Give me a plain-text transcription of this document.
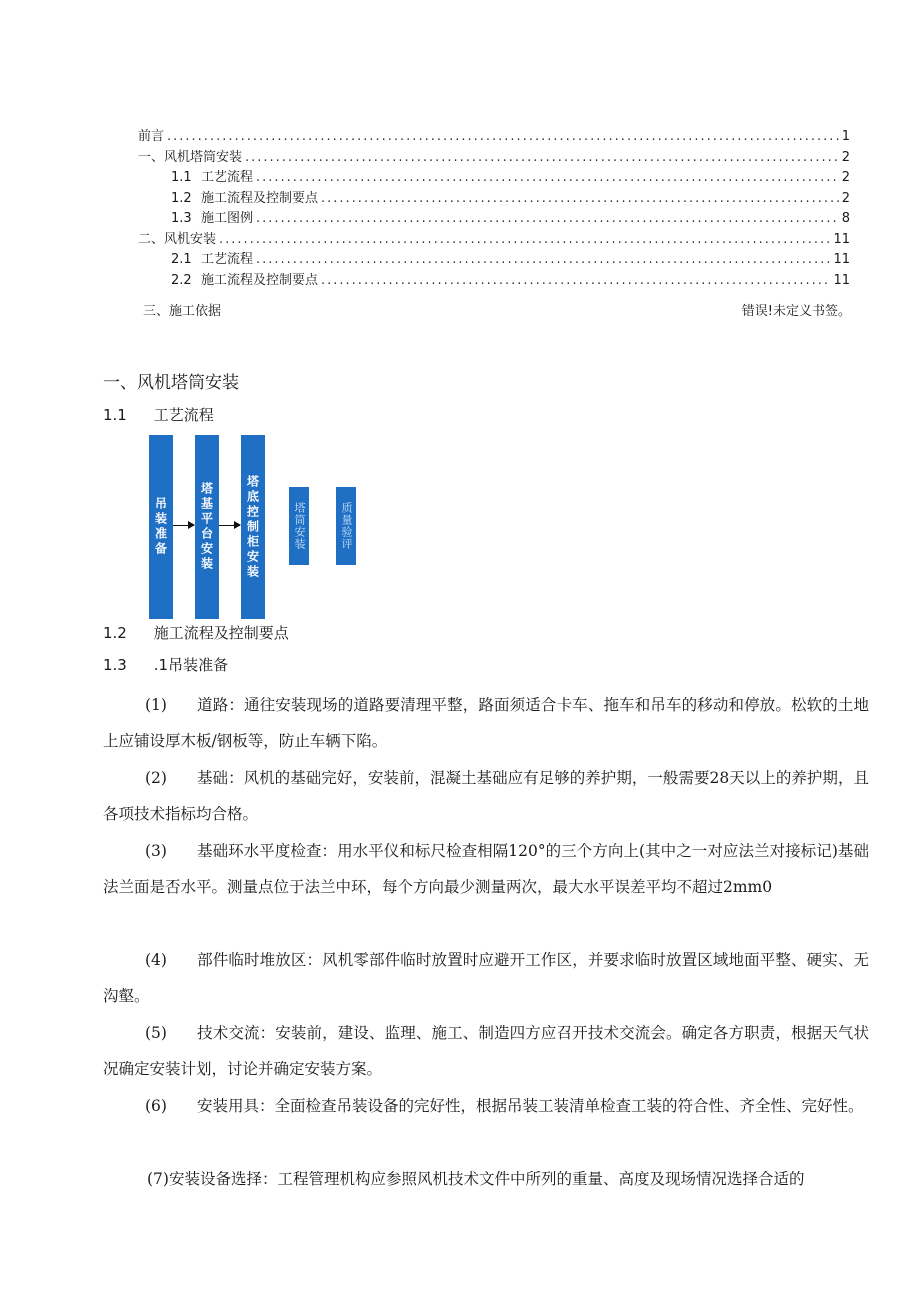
前言 .....	1
一、风机塔筒安装 .....	2
1.1 工艺流程 .....	2
1.2 施工流程及控制要点 .....	2
1.3 施工图例 .....	8
二、风机安装 .....	11
2.1 工艺流程 .....	11
2.2 施工流程及控制要点 .....	11
三、施工依据	错误!未定义书签。
一、风机塔筒安装
1.1 工艺流程
吊装准备	塔基平台安装	塔底控制柜安装	塔筒安装	质量验评
1.2 施工流程及控制要点
1.3 .1吊装准备
(1) 道路：通往安装现场的道路要清理平整，路面须适合卡车、拖车和吊车的移动和停放。松软的土地上应铺设厚木板/钢板等，防止车辆下陷。
(2) 基础：风机的基础完好，安装前，混凝土基础应有足够的养护期，一般需要28天以上的养护期，且各项技术指标均合格。
(3) 基础环水平度检查：用水平仪和标尺检查相隔120°的三个方向上(其中之一对应法兰对接标记)基础法兰面是否水平。测量点位于法兰中环，每个方向最少测量两次，最大水平误差平均不超过2mm0
(4) 部件临时堆放区：风机零部件临时放置时应避开工作区，并要求临时放置区域地面平整、硬实、无沟壑。
(5) 技术交流：安装前，建设、监理、施工、制造四方应召开技术交流会。确定各方职责，根据天气状况确定安装计划，讨论并确定安装方案。
(6) 安装用具：全面检查吊装设备的完好性，根据吊装工装清单检查工装的符合性、齐全性、完好性。
(7)安装设备选择：工程管理机构应参照风机技术文件中所列的重量、高度及现场情况选择合适的
